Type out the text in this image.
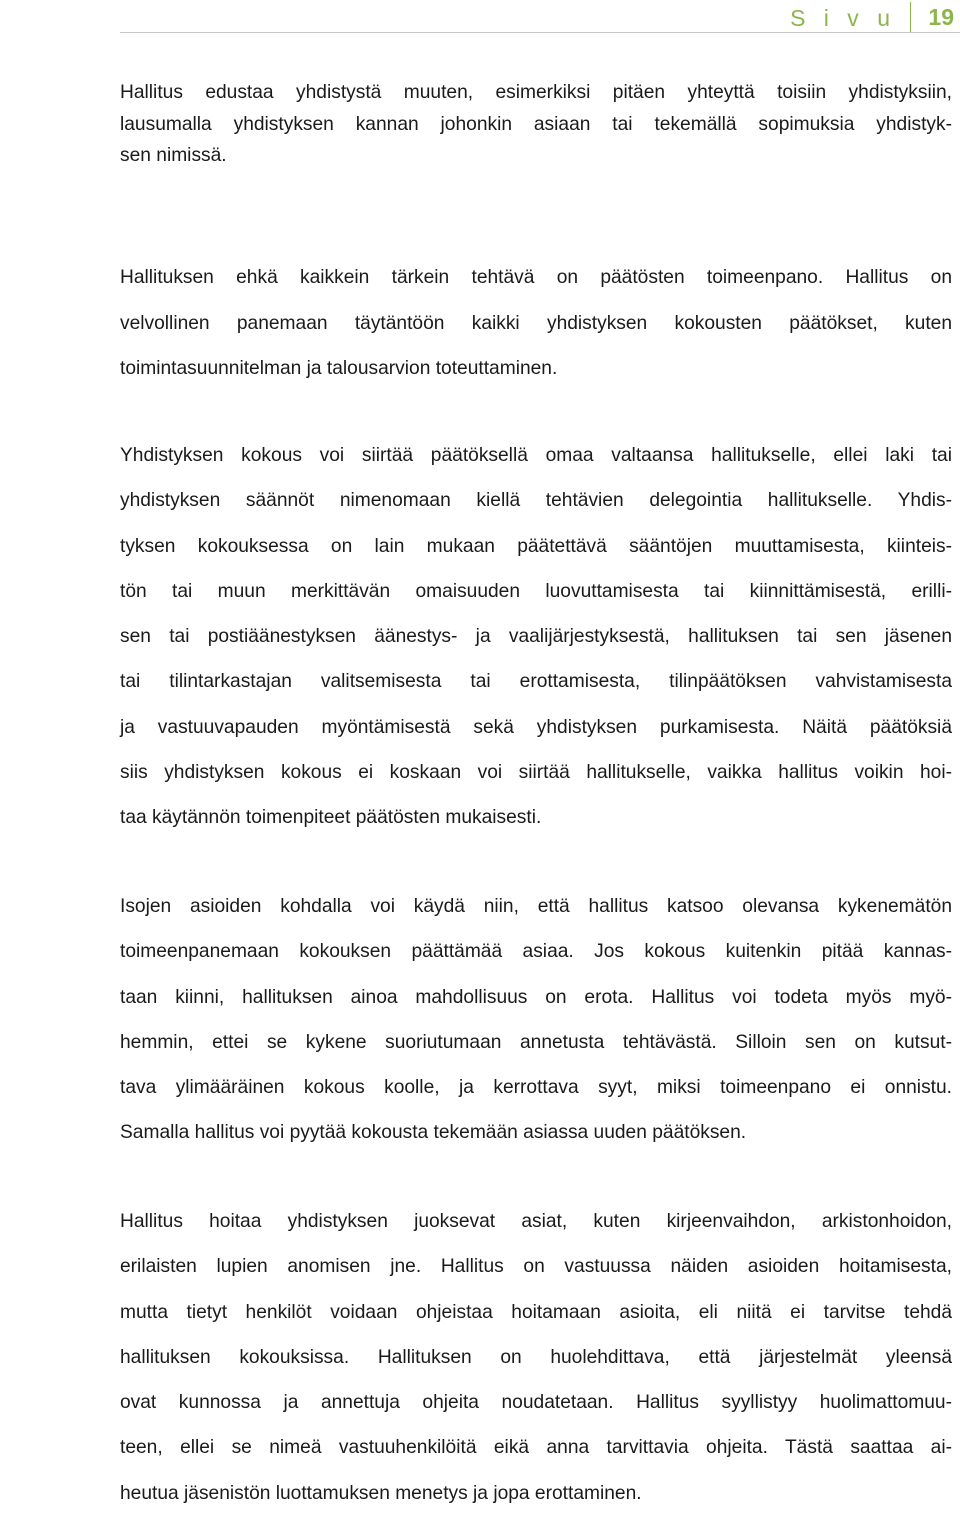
S i v u 19
Hallitus edustaa yhdistystä muuten, esimerkiksi pitäen yhteyttä toisiin yhdistyksiin,
lausumalla yhdistyksen kannan johonkin asiaan tai tekemällä sopimuksia yhdistyk-
sen nimissä.
Hallituksen ehkä kaikkein tärkein tehtävä on päätösten toimeenpano. Hallitus on
velvollinen panemaan täytäntöön kaikki yhdistyksen kokousten päätökset, kuten
toimintasuunnitelman ja talousarvion toteuttaminen.
Yhdistyksen kokous voi siirtää päätöksellä omaa valtaansa hallitukselle, ellei laki tai
yhdistyksen säännöt nimenomaan kiellä tehtävien delegointia hallitukselle. Yhdis-
tyksen kokouksessa on lain mukaan päätettävä sääntöjen muuttamisesta, kiinteis-
tön tai muun merkittävän omaisuuden luovuttamisesta tai kiinnittämisestä, erilli-
sen tai postiäänestyksen äänestys- ja vaalijärjestyksestä, hallituksen tai sen jäsenen
tai tilintarkastajan valitsemisesta tai erottamisesta, tilinpäätöksen vahvistamisesta
ja vastuuvapauden myöntämisestä sekä yhdistyksen purkamisesta. Näitä päätöksiä
siis yhdistyksen kokous ei koskaan voi siirtää hallitukselle, vaikka hallitus voikin hoi-
taa käytännön toimenpiteet päätösten mukaisesti.
Isojen asioiden kohdalla voi käydä niin, että hallitus katsoo olevansa kykenemätön
toimeenpanemaan kokouksen päättämää asiaa. Jos kokous kuitenkin pitää kannas-
taan kiinni, hallituksen ainoa mahdollisuus on erota. Hallitus voi todeta myös myö-
hemmin, ettei se kykene suoriutumaan annetusta tehtävästä. Silloin sen on kutsut-
tava ylimääräinen kokous koolle, ja kerrottava syyt, miksi toimeenpano ei onnistu.
Samalla hallitus voi pyytää kokousta tekemään asiassa uuden päätöksen.
Hallitus hoitaa yhdistyksen juoksevat asiat, kuten kirjeenvaihdon, arkistonhoidon,
erilaisten lupien anomisen jne. Hallitus on vastuussa näiden asioiden hoitamisesta,
mutta tietyt henkilöt voidaan ohjeistaa hoitamaan asioita, eli niitä ei tarvitse tehdä
hallituksen kokouksissa. Hallituksen on huolehdittava, että järjestelmät yleensä
ovat kunnossa ja annettuja ohjeita noudatetaan. Hallitus syyllistyy huolimattomuu-
teen, ellei se nimeä vastuuhenkilöitä eikä anna tarvittavia ohjeita. Tästä saattaa ai-
heutua jäsenistön luottamuksen menetys ja jopa erottaminen.
